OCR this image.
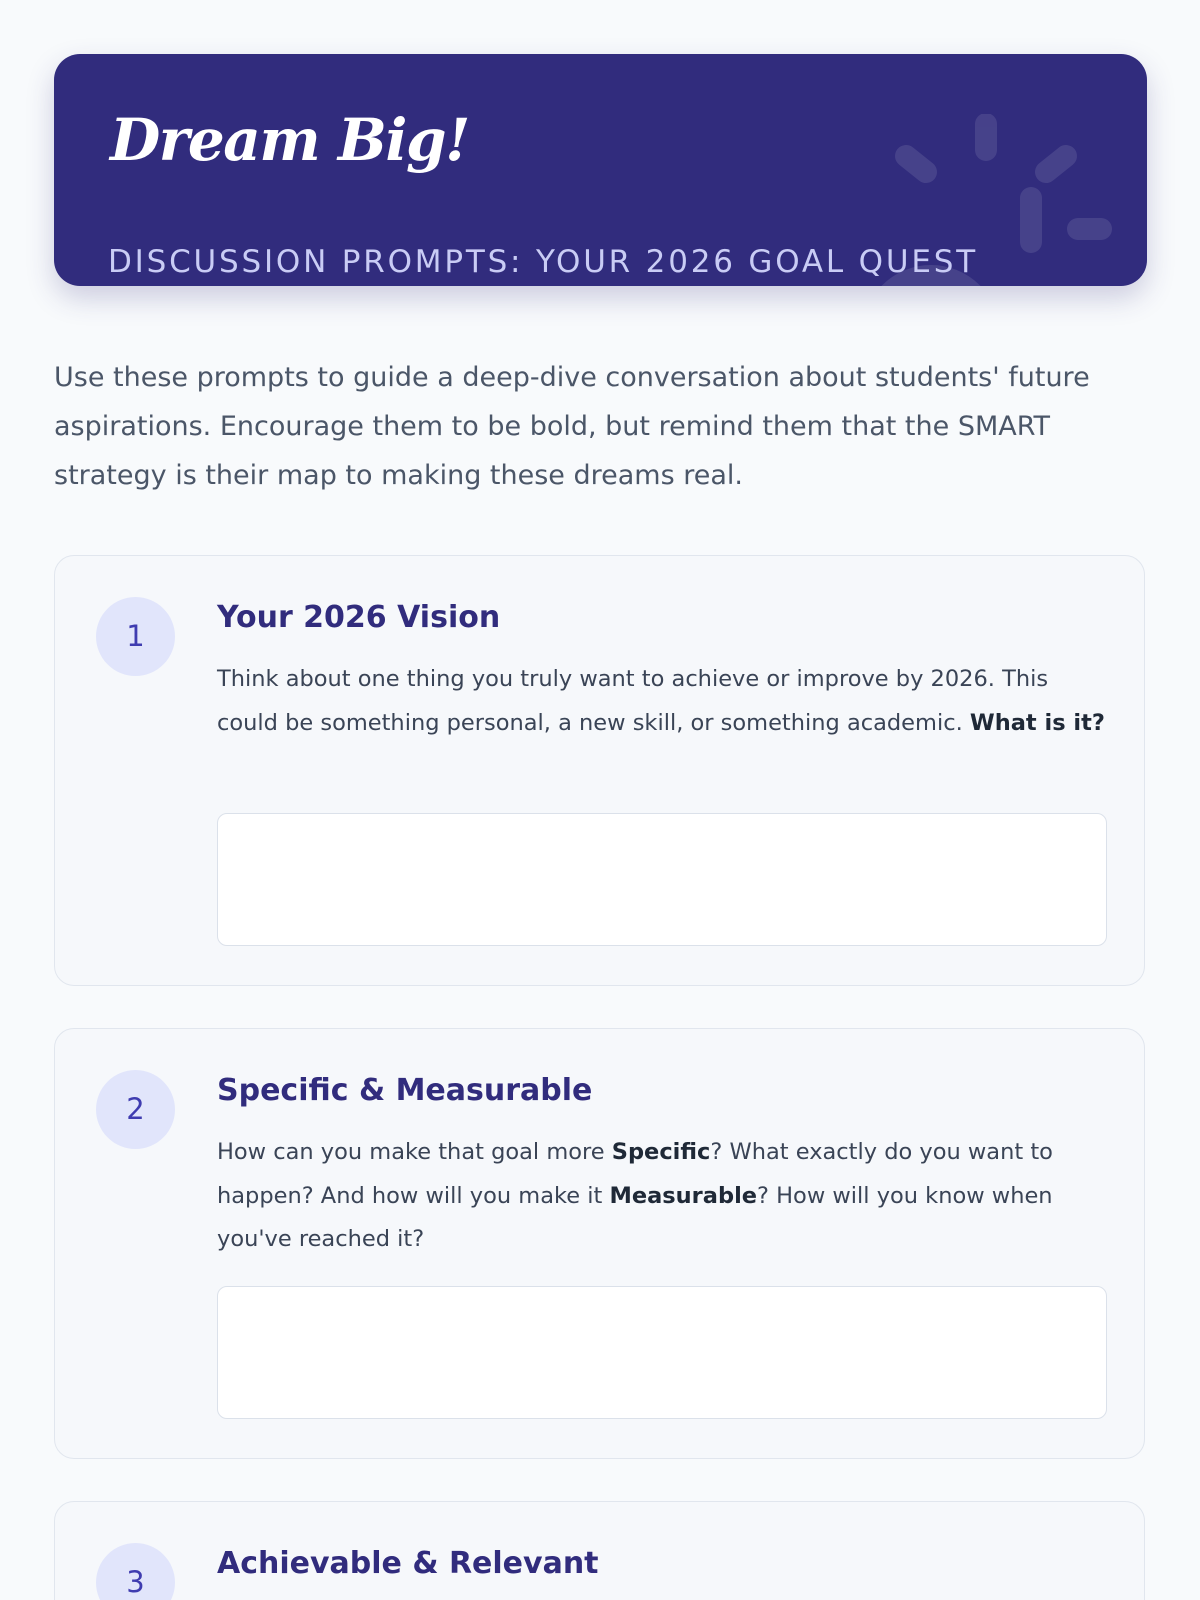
Dream Big!
DISCUSSION PROMPTS: YOUR 2026 GOAL QUEST

Use these prompts to guide a deep-dive conversation about students' future aspirations. Encourage them to be bold, but remind them that the SMART strategy is their map to making these dreams real.

1
Your 2026 Vision

Think about one thing you truly want to achieve or improve by 2026. This could be something personal, a new skill, or something academic. What is it?

2
Specific & Measurable

How can you make that goal more Specific? What exactly do you want to happen? And how will you make it Measurable? How will you know when you've reached it?

3
Achievable & Relevant
